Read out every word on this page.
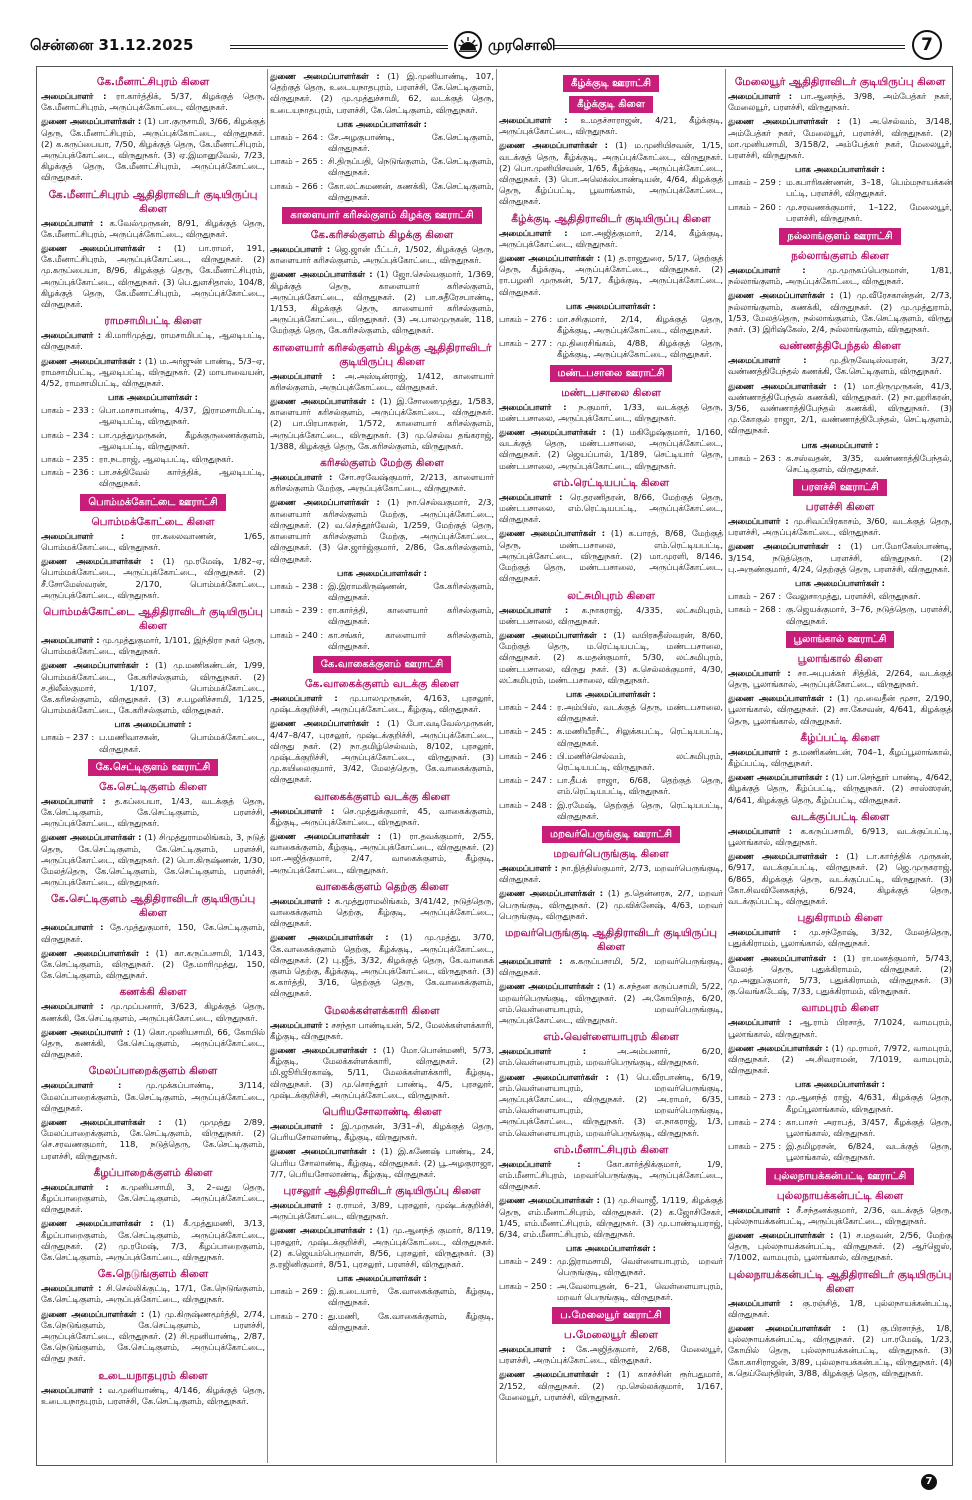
சென்னை 31.12.2025	முரசொலி	7
கே.மீனாட்சிபுரம் கிளை

அமைப்பாளர் : ரா.கார்த்திக், 5/37, கிழக்குத் தெரு, கே.மீனாட்சிபுரம், அருப்புக்கோட்டை, விருதுநகர்.

துணை அமைப்பாளர்கள் : (1) பா.குருசாமி, 3/66, கிழக்குத் தெரு, கே.மீனாட்சிபுரம், அருப்புக்கோட்டை, விருதுநகர். (2) க.கருப்பையா, 7/50, கிழக்குத் தெரு, கே.மீனாட்சிபுரம், அருப்புக்கோட்டை, விருதுநகர். (3) ஏ.இமானுவேல், 7/23, கிழக்குத் தெரு, கே.மீனாட்சிபுரம், அருப்புக்கோட்டை, விருதுநகர்.

கே.மீனாட்சிபுரம் ஆதிதிராவிடர் குடியிருப்பு கிளை

அமைப்பாளர் : க.வேல்முருகன், 8/91, கிழக்குத் தெரு, கே.மீனாட்சிபுரம், அருப்புக்கோட்டை, விருதுநகர்.

துணை அமைப்பாளர்கள் : (1) பா.ராமர், 191, கே.மீனாட்சிபுரம், அருப்புக்கோட்டை, விருதுநகர். (2) மு.கருப்பையா, 8/96, கிழக்குத் தெரு, கே.மீனாட்சிபுரம், அருப்புக்கோட்டை, விருதுநகர். (3) பெ.துளசிதாஸ், 104/8, கிழக்குத் தெரு, கே.மீனாட்சிபுரம், அருப்புக்கோட்டை, விருதுநகர்.

ராமசாமிபட்டி கிளை

அமைப்பாளர் : கி.மாரிமுத்து, ராமசாமிபட்டி, ஆலடிபட்டி, விருதுநகர்.

துணை அமைப்பாளர்கள் : (1) ம.அர்ஜுன் பாண்டி, 5/3–ஏ, ராமசாமிபட்டி, ஆலடிபட்டி, விருதுநகர். (2) மாயாவையன், 4/52, ராமசாமிபட்டி, விருதுநகர்.

பாக அமைப்பாளர்கள் :
பாகம் – 233 : பொ.மாசாபாண்டி, 4/37, இராமசாமிபட்டி, ஆலடிபட்டி, விருதுநகர்.
பாகம் – 234 : பா.முத்துமுருகன், கீழக்குருணைக்குளம், ஆலடிபட்டி, விருதுநகர்.
பாகம் – 235 : ரா.நடராஜ், ஆலடிபட்டி, விருதுநகர்.
பாகம் – 236 : பா.சக்திவேல் கார்த்திக், ஆலடிபட்டி, விருதுநகர்.
பொம்மக்கோட்டை ஊராட்சி
பொம்மக்கோட்டை கிளை

அமைப்பாளர் :	ரா.கலைவாணன், 1/65, பொம்மக்கோட்டை, விருதுநகர்.

துணை அமைப்பாளர்கள் : (1) மு.ரமேஷ், 1/82–ஏ, பொம்மக்கோட்டை, அருப்புக்கோட்டை, விருதுநகர். (2) சீ.சோமேஸ்வரன், 2/170, பொம்மக்கோட்டை, அருப்புக்கோட்டை, விருதுநகர்.

பொம்மக்கோட்டை ஆதிதிராவிடர் குடியிருப்பு கிளை

அமைப்பாளர் : மு.முத்துகுமார், 1/101, இந்திரா நகர் தெரு, பொம்மக்கோட்டை, விருதுநகர்.

துணை அமைப்பாளர்கள் : (1) மு.மணிகண்டன், 1/99, பொம்மக்கோட்டை, கே.கரிசல்குளம், விருதுநகர். (2) ச.திலீஸ்குமார், 1/107, பொம்மக்கோட்டை, கே.கரிசல்குளம், விருதுநகர். (3) ச.பழனிச்சாமி, 1/125, பொம்மக்கோட்டை, கே.கரிசல்குளம், விருதுநகர்.

பாக அமைப்பாளர் :
பாகம் – 237 : ப.மணிவாசகன், பொம்மக்கோட்டை, விருதுநகர்.
கே.செட்டிகுளம் ஊராட்சி
கே.செட்டிகுளம் கிளை

அமைப்பாளர் : த.கப்பையா, 1/43, வடக்குத் தெரு, கே.செட்டிகுளம், கே.செட்டிகுளம், பரளச்சி, அருப்புக்கோட்டை, விருதுநகர்.

துணை அமைப்பாளர்கள் : (1) சிமுத்துராமலிங்கம், 3, நடுத் தெரு, கே.செட்டிகுளம், கே.செட்டிகுளம், பரளச்சி, அருப்புக்கோட்டை, விருதுநகர். (2) பொ.கிருஷ்ணன், 1/30, மேலத்தெரு, கே.செட்டிகுளம், கே.செட்டிகுளம், பரளச்சி, அருப்புக்கோட்டை, விருதுநகர்.

கே.செட்டிகுளம் ஆதிதிராவிடர் குடியிருப்பு கிளை

அமைப்பாளர் : தே.முத்துகுமார், 150, கே.செட்டிகுளம், விருதுநகர்.

துணை அமைப்பாளர்கள் : (1) கா.கருப்பசாமி, 1/143, கே.செட்டிகுளம், விருதுநகர். (2) தே.மாரிமுத்து, 150, கே.செட்டிகுளம், விருதுநகர்.

கணக்கி கிளை

அமைப்பாளர் : மு.முப்பனார், 3/623, கிழக்குத் தெரு, கணக்கி, கே.செட்டிகுளம், அருப்புக்கோட்டை, விருதுநகர்.

துணை அமைப்பாளர் : (1) கொ.முனியசாமி, 66, கோயில் தெரு, கணக்கி, கே.செட்டிகுளம், அருப்புக்கோட்டை, விருதுநகர்.

மேலப்பாறைக்குளம் கிளை

அமைப்பாளர் :	மு.முக்கப்பாண்டி, 3/114, மேலப்பாறைக்குளம், கே.செட்டிகுளம், அருப்புக்கோட்டை, விருதுநகர்.

துணை அமைப்பாளர்கள் : (1) முமுத்து 2/89, மேலப்பாறைக்குளம், கே.செட்டிகுளம், விருதுநகர். (2) செ.சரவணகுமார், 118, நடுத்தெரு, கே.செட்டிகுளம், பரளச்சி, விருதுநகர்.

கீழப்பாறைக்குளம் கிளை

அமைப்பாளர் : க.முனியசாமி, 3, 2–வது தெரு, கீழப்பாறைகுளம், கே.செட்டிகுளம், அருப்புக்கோட்டை, விருதுநகர்.

துணை அமைப்பாளர்கள் : (1) கீ.முத்துமணி, 3/13, கீழப்பாறைகுளம், கே.செட்டிகுளம், அருப்புக்கோட்டை, விருதுநகர். (2) மு.ரமேஷ், 7/3, கீழப்பாறைகுளம், கே.செட்டிகுளம், அருப்புக்கோட்டை, விருதுநகர்.

கே.நெடுங்குளம் கிளை

அமைப்பாளர் : சி.செல்லிக்குட்டி, 17/1, கே.நெடுங்குளம், கே.செட்டிகுளம், அருப்புக்கோட்டை, விருதுநகர்.

துணை அமைப்பாளர்கள் : (1) மு.கிருஷ்ணமூர்த்தி, 2/74, கே.நெடுங்குளம், கே.செட்டிகுளம், பரளச்சி, அருப்புக்கோட்டை, விருதுநகர். (2) சி.மூனியாண்டி, 2/87, கே.நெடுங்குளம், கே.செட்டிகுளம், அருப்புக்கோட்டை, விருது நகர்.

உடையநாதபுரம் கிளை

அமைப்பாளர் : வ.முனியாண்டி, 4/146, கிழக்குத் தெரு, உடையநாதபுரம், பரளச்சி, கே.செட்டிகுளம், விருதுநகர்.

துணை அமைப்பாளர்கள் : (1) இ.முனியாண்டி, 107, தெற்குத் தெரு, உடையநாதபுரம், பரளச்சி, கே.செட்டிகுளம், விருதுநகர். (2) மு.முத்துச்சாமி, 62, வடக்குத் தெரு, உடையநாதபுரம், பரளச்சி, கே.செட்டிகுளம், விருதுநகர்.

பாக அமைப்பாளர்கள் :
பாகம் – 264 : சே.அழகுபாண்டி, கே.செட்டிகுளம், விருதுநகர்.
பாகம் – 265 : சி.திருப்பதி, நெடுங்குளம், கே.செட்டிகுளம், விருதுநகர்.
பாகம் – 266 : கோ.லட்சுமணன், கணக்கி, கே.செட்டிகுளம், விருதுநகர்.
காளையார் கரிசல்குளம் கிழக்கு ஊராட்சி
கே.கரிசல்குளம் கிழக்கு கிளை

அமைப்பாளர் : ஜெ.ஜான் பீட்டர், 1/502, கிழக்குத் தெரு, காளையார் கரிசல்குளம், அருப்புக்கோட்டை, விருதுநகர்.

துணை அமைப்பாளர்கள் : (1) ஜோ.செல்வகுமார், 1/369, கிழக்குத் தெரு, காளையார் கரிசல்குளம், அருப்புக்கோட்டை, விருதுநகர். (2) பா.சுதீரேசபாண்டி, 1/153, கிழக்குத் தெரு, காளையார் கரிசல்குளம், அருப்புக்கோட்டை, விருதுநகர். (3) அ.பாலமுருகன், 118, மேற்குத் தெரு, கே.கரிசல்குளம், விருதுநகர்.

காளையார் கரிசல்குளம் கிழக்கு ஆதிதிராவிடர் குடியிருப்பு கிளை

அமைப்பாளர் : அ.அஸ்டின்ராஜ், 1/412, காளையார் கரிசல்குளம், அருப்புக்கோட்டை, விருதுநகர்.

துணை அமைப்பாளர்கள் : (1) இ.சோனைமுத்து, 1/583, காளையார் கரிசல்குளம், அருப்புக்கோட்டை, விருதுநகர். (2) பா.பிரபாகரன், 1/572, காளையார் கரிசல்குளம், அருப்புக்கோட்டை, விருதுநகர். (3) மு.செல்வ தங்கராஜ், 1/388, கிழக்குத் தெரு, கே.கரிசல்குளம், விருதுநகர்.

கரிசல்குளம் மேற்கு கிளை

அமைப்பாளர் : சோ.சரவேஷ்குமார், 2/213, காளையார் கரிசல்குளம் மேற்கு, அருப்புக்கோட்டை, விருதுநகர்.

துணை அமைப்பாளர்கள் : (1) நா.செல்வகுமார், 2/3, காளையார் கரிசல்குளம் மேற்கு, அருப்புக்கோட்டை, விருதுநகர். (2) வ.செந்தூர்வேல், 1/259, மேற்குத் தெரு, காளையார் கரிசல்குளம் மேற்கு, அருப்புக்கோட்டை, விருதுநகர். (3) செ.ஜார்ஜ்குமார், 2/86, கே.கரிசல்குளம், விருதுநகர்.

பாக அமைப்பாளர்கள் :
பாகம் – 238 : இ.இராமகிருஷ்ணன், கே.கரிசல்குளம், விருதுநகர்.
பாகம் – 239 : ரா.கார்த்தி, காளையார் கரிசல்குளம், விருதுநகர்.
பாகம் – 240 : கா.சங்கர், காளையார் கரிசல்குளம், விருதுநகர்.
கே.வாகைக்குளம் ஊராட்சி
கே.வாகைக்குளம் வடக்கு கிளை

அமைப்பாளர் : மு.பாலமுருகன், 4/163, புரசலூர், முஷ்டக்குறிச்சி, அருப்புக்கோட்டை, கீழ்குடி, விருதுநகர்.

துணை அமைப்பாளர்கள் : (1) போ.வடிவேல்முருகன், 4/47–8/47, புரசலூர், முஷ்டக்குறிச்சி, அருப்புக்கோட்டை, விருது நகர். (2) நா.தமிழ்செல்வம், 8/102, புரசலூர், முஷ்டக்குறிச்சி, அருப்புக்கோட்டை, விருதுநகர். (3) மு.கயிலைகுமார், 3/42, மேலத்தெரு, கே.வாகைக்குளம், விருதுநகர்.

வாகைக்குளம் வடக்கு கிளை

அமைப்பாளர் : செ.முத்துக்குமார், 45, வாகைக்குளம், கீழ்குடி, அருப்புக்கோட்டை, விருதுநகர்.

துணை அமைப்பாளர்கள் : (1) ரா.தவக்குமார், 2/55, வாகைக்குளம், கீழ்குடி, அருப்புக்கோட்டை, விருதுநகர். (2) மா.அஜித்குமார், 2/47, வாகைக்குளம், கீழ்குடி, அருப்புக்கோட்டை, விருதுநகர்.

வாகைக்குளம் தெற்கு கிளை

அமைப்பாளர் : க.முத்துராமலிங்கம், 3/41/42, நடுத்தெரு, வாகைக்குளம் தெற்கு, கீழ்குடி, அருப்புக்கோட்டை, விருதுநகர்.

துணை அமைப்பாளர்கள் : (1) மு.முத்து, 3/70, கே.வாகைக்குளம் தெற்கு, கீழ்க்குடி, அருப்புக்கோட்டை, விருதுநகர். (2) பு.ஜீத், 3/32, கிழக்குத் தெரு, கே.வாகைக் குளம் தெற்கு, கீழ்க்குடி, அருப்புக்கோட்டை, விருதுநகர். (3) க.கார்த்தி, 3/16, தெற்குத் தெரு, கே.வாகைக்குளம், விருதுநகர்.

மேலக்கள்ளக்காரி கிளை

அமைப்பாளர் : சசந்தா பாண்டியன், 5/2, மேலக்கள்ளக்காரி, கீழ்குடி, விருதுநகர்.

துணை அமைப்பாளர்கள் : (1) மோ.பொன்மணி, 5/73, கீழ்குடி, மேலக்கள்ளக்காரி, விருதுநகர். (2) மி.ஜூரிபிரகாஷ், 5/11, மேலக்கள்ளக்காரி, கீழ்குடி, விருதுநகர். (3) மு.சொந்தூர் பாண்டி, 4/5, புரசலூர், முஷ்டக்குறிச்சி, அருப்புக்கோட்டை, விருதுநகர்.

பெரியசோலாண்டி கிளை

அமைப்பாளர் : இ.முருகன், 3/31–சி, கிழக்குத் தெரு, பெரியசோலாண்டி, கீழ்குடி, விருதுநகர்.

துணை அமைப்பாளர்கள் : (1) இ.கணேஷ் பாண்டி, 24, பெரிய சோலாண்டி, கீழ்குடி, விருதுநகர். (2) பூ.அழகுராஜா, 7/7, பெரியசோலாண்டி, கீழ்குடி, விருதுநகர்.

புரசலூர் ஆதிதிராவிடர் குடியிருப்பு கிளை

அமைப்பாளர் : ர.ராமர், 3/89, புரசலூர், முஷ்டக்குறிச்சி, அருப்புக்கோட்டை, விருதுநகர்.

துணை அமைப்பாளர்கள் : (1) மு.ஆனந்த் குமார், 8/119, புரசலூர், முஷ்டக்குறிச்சி, அருப்புக்கோட்டை, விருதுநகர். (2) க.ஜெயம்பெருமாள், 8/56, புரசலூர், விருதுநகர். (3) த.ரஜினிகுமார், 8/51, புரசலூர், பரளச்சி, விருதுநகர்.

பாக அமைப்பாளர்கள் :
பாகம் – 269 : இ.உடையார், கே.வாகைக்குளம், கீழ்குடி, விருதுநகர்.
பாகம் – 270 : து.மணி, கே.வாகைக்குளம், கீழ்குடி, விருதுநகர்.
கீழ்க்குடி ஊராட்சி
கீழ்க்குடி கிளை

அமைப்பாளர் : உ.மதச்சாராஜன், 4/21, கீழ்க்குடி, அருப்புக்கோட்டை, விருதுநகர்.

துணை அமைப்பாளர்கள் : (1) ம.முனியிசவன், 1/15, வடக்குத் தெரு, கீழ்க்குடி, அருப்புக்கோட்டை, விருதுநகர். (2) பொ.முனியிசவன், 1/65, கீழ்க்குடி, அருப்புக்கோட்டை, விருதுநகர். (3) பொ.அலெக்ஸ்பாண்டியன், 4/64, கிழக்குத் தெரு, கீழ்ப்பட்டி, பூவாங்கால், அருப்புக்கோட்டை, விருதுநகர்.

கீழ்க்குடி ஆதிதிராவிடர் குடியிருப்பு கிளை

அமைப்பாளர் : மா.அஜித்குமார், 2/14, கீழ்க்குடி, அருப்புக்கோட்டை, விருதுநகர்.

துணை அமைப்பாளர்கள் : (1) த.ராஜதுரை, 5/17, தெற்குத் தெரு, கீழ்க்குடி, அருப்புக்கோட்டை, விருதுநகர். (2) ரா.பழனி முருகன், 5/17, கீழ்க்குடி, அருப்புக்கோட்டை, விருதுநகர்.

பாக அமைப்பாளர்கள் :
பாகம் – 276 : மா.சசிகுமார், 2/14, கிழக்குத் தெரு, கீழ்க்குடி, அருப்புக்கோட்டை, விருதுநகர்.
பாகம் – 277 : மு.திரைசிங்கம், 4/88, கிழக்குத் தெரு, கீழ்க்குடி, அருப்புக்கோட்டை, விருதுநகர்.
மண்டபசாலை ஊராட்சி
மண்டபசாலை கிளை

அமைப்பாளர் : ந.குமார், 1/33, வடக்குத் தெரு, மண்டபசாலை, அருப்புக்கோட்டை, விருதுநகர்.

துணை அமைப்பாளர்கள் : (1) மகிழேஷ்குமார், 1/160, வடக்குத் தெரு, மண்டபசாலை, அருப்புக்கோட்டை, விருதுநகர். (2) ஜெயப்பால், 1/189, செட்டியார் தெரு, மண்டபசாலை, அருப்புக்கோட்டை, விருதுநகர்.

எம்.ரெட்டியபட்டி கிளை

அமைப்பாளர் : ரெ.தரணிதரன், 8/66, மேற்குத் தெரு, மண்டபசாலை, எம்.ரெட்டியபட்டி, அருப்புக்கோட்டை, விருதுநகர்.

துணை அமைப்பாளர்கள் : (1) க.பாரத், 8/68, மேற்குத் தெரு, மண்டபசாலை, எம்.ரெட்டியபட்டி, அருப்புக்கோட்டை, விருதுநகர். (2) மா.முரளி, 8/146, மேற்குத் தெரு, மண்டபசாலை, அருப்புக்கோட்டை, விருதுநகர்.

லட்சுமிபுரம் கிளை

அமைப்பாளர் : க.நாகராஜ், 4/335, லட்சுமிபுரம், மண்டபசாலை, விருதுநகர்.

துணை அமைப்பாளர்கள் : (1) வயிரசுதீஸ்வரன், 8/60, மேற்குத் தெரு, ம.ரெட்டியபட்டி, மண்டபசாலை, விருதுநகர். (2) க.மதன்குமார், 5/30, லட்சுமிபுரம், மண்டபசாலை, விருது நகர். (3) க.செல்லக்குமார், 4/30, லட்சுமிபுரம், மண்டபசாலை, விருதுநகர்.

பாக அமைப்பாளர்கள் :
பாகம் – 244 : ர.அம்பிஸ், வடக்குத் தெரு, மண்டபசாலை, விருதுநகர்.
பாகம் – 245 : க.மணியீரசீட், சிலுக்கபட்டி, ரெட்டியபட்டி, விருதுநகர்.
பாகம் – 246 : பி.மணிச்செல்வம், லட்சுமிபுரம், ரெட்டியபட்டி, விருதுநகர்.
பாகம் – 247 : பா.தீபக் ராஜா, 6/68, தெற்குத் தெரு, எம்.ரெட்டியபட்டி, விருதுநகர்.
பாகம் – 248 : இ.ரமேஷ், தெற்குத் தெரு, ரெட்டியபட்டி, விருதுநகர்.
மறவர்பெருங்குடி ஊராட்சி
மறவர்பெருங்குடி கிளை

அமைப்பாளர் : நா.நித்திஸ்குமார், 2/73, மறவர்பெருங்குடி, விருதுநகர்.

துணை அமைப்பாளர்கள் : (1) த.தென்னரசு, 2/7, மறவர் பெருங்குடி, விருதுநகர். (2) மு.விக்னேஷ், 4/63, மறவர் பெருங்குடி, விருதுநகர்.

மறவர்பெருங்குடி ஆதிதிராவிடர் குடியிருப்பு கிளை

அமைப்பாளர் : க.கருப்பசாமி, 5/2, மறவர்பெருங்குடி, விருதுநகர்.

துணை அமைப்பாளர்கள் : (1) க.சந்தன கருப்பசாமி, 5/22, மறவர்பெருங்குடி, விருதுநகர். (2) அ.கோபிநாத், 6/20, எம்.வெள்ளையாபுரம், மறவர்பெருங்குடி, அருப்புக்கோட்டை, விருதுநகர்.

எம்.வெள்ளையாபுரம் கிளை

அமைப்பாளர் :	அ.அம்பனார், 6/20, எம்.வெள்ளையாபுரம், மறவர்பெருங்குடி, விருதுநகர்.

துணை அமைப்பாளர்கள் : (1) பெ.வீரபாண்டி, 6/19, எம்.வெள்ளையாபுரம், மறவர்பெருங்குடி, அருப்புக்கோட்டை, விருதுநகர். (2) அ.ராமர், 6/35, எம்.வெள்ளையாபுரம், மறவர்பெருங்குடி, அருப்புக்கோட்டை, விருதுநகர். (3) எ.நாகராஜ், 1/3, எம்.வெள்ளையாபுரம், மறவர்பெருங்குடி, விருதுநகர்.

எம்.மீனாட்சிபுரம் கிளை

அமைப்பாளர் :	கோ.கார்த்திக்குமார், 1/9, எம்.மீனாட்சிபுரம், மறவர்பெருங்குடி, அருப்புக்கோட்டை, விருதுநகர்.

துணை அமைப்பாளர்கள் : (1) மு.சிவாஜீ, 1/119, கிழக்குத் தெரு, எம்.மீனாட்சிபுரம், விருதுநகர். (2) க.ஜோசிசேகர், 1/45, எம்.மீனாட்சிபுரம், விருதுநகர். (3) மு.பாண்டியராஜ், 6/34, எம்.மீனாட்சிபுரம், விருதுநகர்.

பாக அமைப்பாளர்கள் :
பாகம் – 249 : மு.இராமசாமி, வெள்ளையாபுரம், மறவர் பெருங்குடி, விருதுநகர்.
பாகம் – 250 : அ.வேலாயுதன், 6–21, வெள்ளையாபுரம், மறவர் பெருங்குடி, விருதுநகர்.
ப.மேலையூர் ஊராட்சி
ப.மேலையூர் கிளை

அமைப்பாளர் : கே.அஜித்குமார், 2/68, மேலையூர், பரளச்சி, அருப்புக்கோட்டை, விருதுநகர்.

துணை அமைப்பாளர்கள் : (1) காசச்சின் ரூர்பதுமார், 2/152, விருதுநகர். (2) மு.செல்லக்குமார், 1/167, மேலையூர், பரளச்சி, விருதுநகர்.

மேலையூர் ஆதிதிராவிடர் குடியிருப்பு கிளை

அமைப்பாளர் : பா.ஆனந்த், 3/98, அம்பேத்கர் நகர், மேலையூர், பரளச்சி, விருதுநகர்.

துணை அமைப்பாளர்கள் : (1) அ.செல்வம், 3/148, அம்பேத்கர் நகர், மேலையூர், பரளச்சி, விருதுநகர். (2) மா.முனியசாமி, 3/158/2, அம்பேத்கர் நகர், மேலையூர், பரளச்சி, விருதுநகர்.

பாக அமைப்பாளர்கள் :
பாகம் – 259 : ம.கபாரிகண்ணன், 3–18, பெம்மநாயக்கன் பட்டி, பரளச்சி, விருதுநகர்.
பாகம் – 260 : மு.சரவணக்குமார், 1–122, மேலையூர், பரளச்சி, விருதுநகர்.
நல்லாங்குளம் ஊராட்சி
நல்லாங்குளம் கிளை

அமைப்பாளர் :	மு.முருகப்பெருமாள், 1/81, நல்லாங்குளம், அருப்புக்கோட்டை, விருதுநகர்.

துணை அமைப்பாளர்கள் : (1) மு.வீரேசகான்தன், 2/73, நல்லாங்குளம், கணக்கி, விருதுநகர். (2) மு.முத்துராம், 1/53, மேலத்தெரு, நல்லாங்குளம், கே.செட்டிகுளம், விருது நகர். (3) இரிஷ்கேஸ், 2/4, நல்லாங்குளம், விருதுநகர்.

வண்ணத்திபேந்தல் கிளை

அமைப்பாளர் :	மு.திருவேடிஸ்வரன், 3/27, வண்ணத்திபேந்தல் கணக்கி, கே.செட்டிகுளம், விருதுநகர்.

துணை அமைப்பாளர்கள் : (1) மா.திருமுருகன், 41/3, வண்ணாத்திபேந்தல் கணக்கி, விருதுநகர். (2) நா.ஹரிகரன், 3/56, வண்ணாத்திபேந்தல் கணக்கி, விருதுநகர். (3) மு.கோகுல் ராஜா, 2/1, வண்ணாத்திபேந்தல், செட்டிகுளம், விருதுநகர்.

பாக அமைப்பாளர் :
பாகம் – 263 : க.சஸ்வதன், 3/35, வண்ணாத்திபேந்தல், செட்டிகுளம், விருதுநகர்.
பரளச்சி ஊராட்சி
பரளச்சி கிளை

அமைப்பாளர் : மு.சிவப்பிரகாசம், 3/60, வடக்குத் தெரு, பரளச்சி, அருப்புக்கோட்டை, விருதுநகர்.

துணை அமைப்பாளர்கள் : (1) பா.மோகேஸ்பாண்டி, 3/154, நடுத்தெரு, பரளச்சி, விருதுநகர். (2) பு.அருண்குமார், 4/24, தெற்குத் தெரு, பரளச்சி, விருதுநகர்.

பாக அமைப்பாளர்கள் :
பாகம் – 267 : வேலுசாமுத்து, பரளச்சி, விருதுநகர்.
பாகம் – 268 : கு.ஜெயக்குமார், 3–76, நடுத்தெரு, பரளச்சி, விருதுநகர்.
பூலாங்கால் ஊராட்சி
பூலாங்கால் கிளை

அமைப்பாளர் : சா.அபுபக்கர் சித்திக், 2/264, வடக்குத் தெரு, பூலாங்கால், அருப்புக்கோட்டை, விருதுநகர்.

துணை அமைப்பாளர்கள் : (1) மு.வைதீன் மூசா, 2/190, பூலாங்கால், விருதுநகர். (2) சா.கேசவன், 4/641, கிழக்குத் தெரு, பூலாங்கால், விருதுநகர்.

கீழ்ப்பட்டி கிளை

அமைப்பாளர் : த.மணிகண்டன், 704–1, கீழப்பூலாங்கால், கீழ்ப்பட்டி, விருதுநகர்.

துணை அமைப்பாளர்கள் : (1) பா.செந்தூர் பாண்டி, 4/642, கிழக்குத் தெரு, கீழ்ப்பட்டி, விருதுநகர். (2) சாஸ்ஸரன், 4/641, கிழக்குத் தெரு, கீழ்ப்பட்டி, விருதுநகர்.

வடக்குப்பட்டி கிளை

அமைப்பாளர் : க.கருப்பசாமி, 6/913, வடக்குப்பட்டி, பூலாங்கால், விருதுநகர்.

துணை அமைப்பாளர்கள் : (1) டா.கார்த்திக் முருகன், 6/917, வடக்குப்பட்டி, விருதுநகர். (2) ஜெ.முருகராஜ், 6/865, கிழக்குத் தெரு, வடக்குப்பட்டி, விருதுநகர். (3) கோ.சிவவினேசுகந்த், 6/924, கிழக்குத் தெரு, வடக்குப்பட்டி, விருதுநகர்.

புதுகிராமம் கிளை

அமைப்பாளர் : மு.சந்தோஷ், 3/32, மேலத்தெரு, புதுக்கிராமம், பூலாங்கால், விருதுநகர்.

துணை அமைப்பாளர்கள் : (1) ரா.மனத்குமார், 5/743, மேலத் தெரு, புதுக்கிராமம், விருதுநகர். (2) மு.அனுப்குமார், 5/73, புதுக்கிராமம், விருதுநகர். (3) கு.வெங்கடேஷ், 7/33, புதுக்கிராமம், விருதுநகர்.

வாமபுரம் கிளை

அமைப்பாளர் : ஆ.ராம் பிரசாத், 7/1024, வாமபுரம், பூலாங்கால், விருதுநகர்.

துணை அமைப்பாளர்கள் : (1) மு.ராமர், 7/972, வாமபுரம், விருதுநகர். (2) அ.சிவராமன், 7/1019, வாமபுரம், விருதுநகர்.

பாக அமைப்பாளர்கள் :
பாகம் – 273 : மு.ஆனந்த் ராஜ், 4/631, கிழக்குத் தெரு, கீழப்பூலாங்கால், விருதுநகர்.
பாகம் – 274 : கா.பாசர் அராபத், 3/457, கீழக்குத் தெரு, பூலாங்கால், விருதுநகர்.
பாகம் – 275 : இ.தமிழரசன், 6/824, வடக்குத் தெரு, பூலாங்கால், விருதுநகர்.
புல்லநாயக்கன்பட்டி ஊராட்சி
புல்லநாயக்கன்பட்டி கிளை

அமைப்பாளர் : சீ.சந்தனக்குமார், 2/36, வடக்குத் தெரு, புல்லநாயக்கன்பட்டி, அருப்புக்கோட்டை, விருதுநகர்.

துணை அமைப்பாளர்கள் : (1) ச.மதவன், 2/56, மேற்கு தெரு, புல்லநாயக்கன்பட்டி, விருதுநகர். (2) ஆர்ஜெஸ், 7/1002, வாமபுரம், பூலாங்கால், விருதுநகர்.

புல்லநாயக்கன்பட்டி ஆதிதிராவிடர் குடியிருப்பு கிளை

அமைப்பாளர் : கு.ரஞ்சித், 1/8, புல்லநாயக்கன்பட்டி, விருதுநகர்.

துணை அமைப்பாளர்கள் : (1) கு.பிரசாந்த், 1/8, புல்லநாயக்கன்பட்டி, விருதுநகர். (2) பா.ரமேஷ், 1/23, கோயில் தெரு, புல்லநாயக்கன்பட்டி, விருதுநகர். (3) கோ.காசிராஜன், 3/89, புல்லநாயக்கன்பட்டி, விருதுநகர். (4) க.தெய்வேந்திரன், 3/88, கிழக்குத் தெரு, விருதுநகர்.

7
